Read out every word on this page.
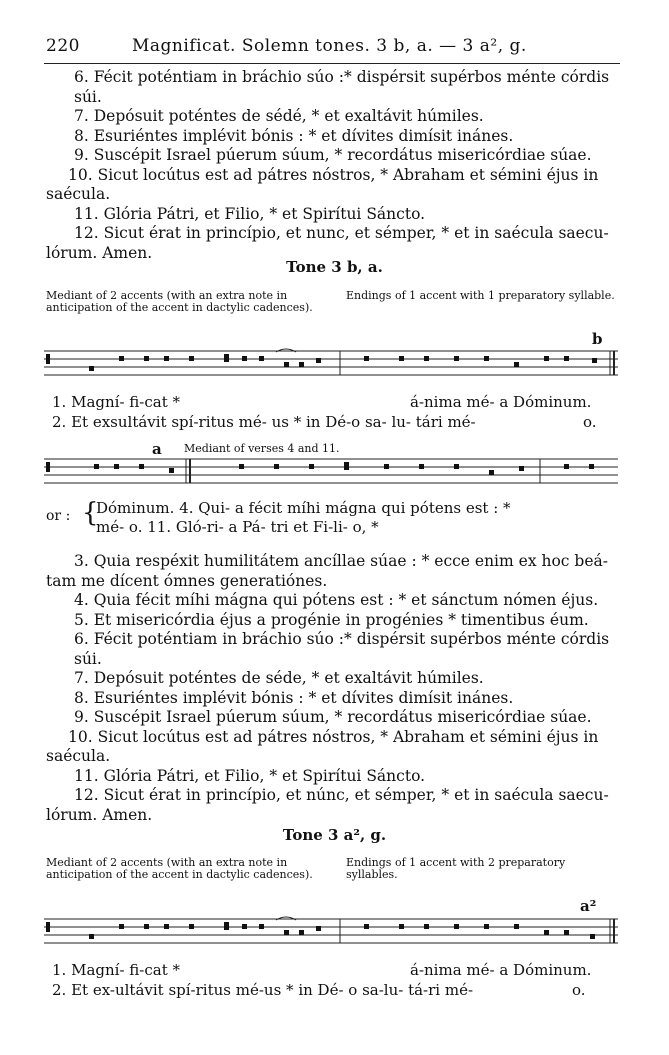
220	Magnificat. Solemn tones. 3 b, a. — 3 a², g.
6. Fécit poténtiam in bráchio súo :* dispérsit supérbos ménte córdis súi.
7. Depósuit poténtes de sédé, * et exaltávit húmiles.
8. Esuriéntes implévit bónis : * et dívites dimísit inánes.
9. Suscépit Israel púerum súum, * recordátus misericórdiae súae.
10. Sicut locútus est ad pátres nóstros, * Abraham et sémini éjus in
saécula.
11. Glória Pátri, et Filio, * et Spirítui Sáncto.
12. Sicut érat in princípio, et nunc, et sémper, * et in saécula saecu-
lórum. Amen.
Tone 3 b, a.
Mediant of 2 accents (with an extra note in anticipation of the accent in dactylic cadences).
Endings of 1 accent with 1 preparatory syllable.
b
1. Magní- fi-cat *	á-nima mé- a Dóminum.
2. Et exsultávit spí-ritus mé- us * in Dé-o sa- lu- tári mé-	o.
a Mediant of verses 4 and 11.
or : {
Dóminum. 4. Qui- a fécit míhi mágna qui pótens est : *
mé- o. 11. Gló-ri- a Pá- tri et Fi-li- o, *
3. Quia respéxit humilitátem ancíllae súae : * ecce enim ex hoc beá-
tam me dícent ómnes generatiónes.
4. Quia fécit míhi mágna qui pótens est : * et sánctum nómen éjus.
5. Et misericórdia éjus a progénie in progénies * timentibus éum.
6. Fécit poténtiam in bráchio súo :* dispérsit supérbos ménte córdis súi.
7. Depósuit poténtes de séde, * et exaltávit húmiles.
8. Esuriéntes implévit bónis : * et dívites dimísit inánes.
9. Suscépit Israel púerum súum, * recordátus misericórdiae súae.
10. Sicut locútus est ad pátres nóstros, * Abraham et sémini éjus in
saécula.
11. Glória Pátri, et Filio, * et Spirítui Sáncto.
12. Sicut érat in princípio, et núnc, et sémper, * et in saécula saecu-
lórum. Amen.
Tone 3 a², g.
Mediant of 2 accents (with an extra note in anticipation of the accent in dactylic cadences).
Endings of 1 accent with 2 preparatory syllables.
a²
1. Magní- fi-cat *	á-nima mé- a Dóminum.
2. Et ex-ultávit spí-ritus mé-us * in Dé- o sa-lu- tá-ri mé-	o.
